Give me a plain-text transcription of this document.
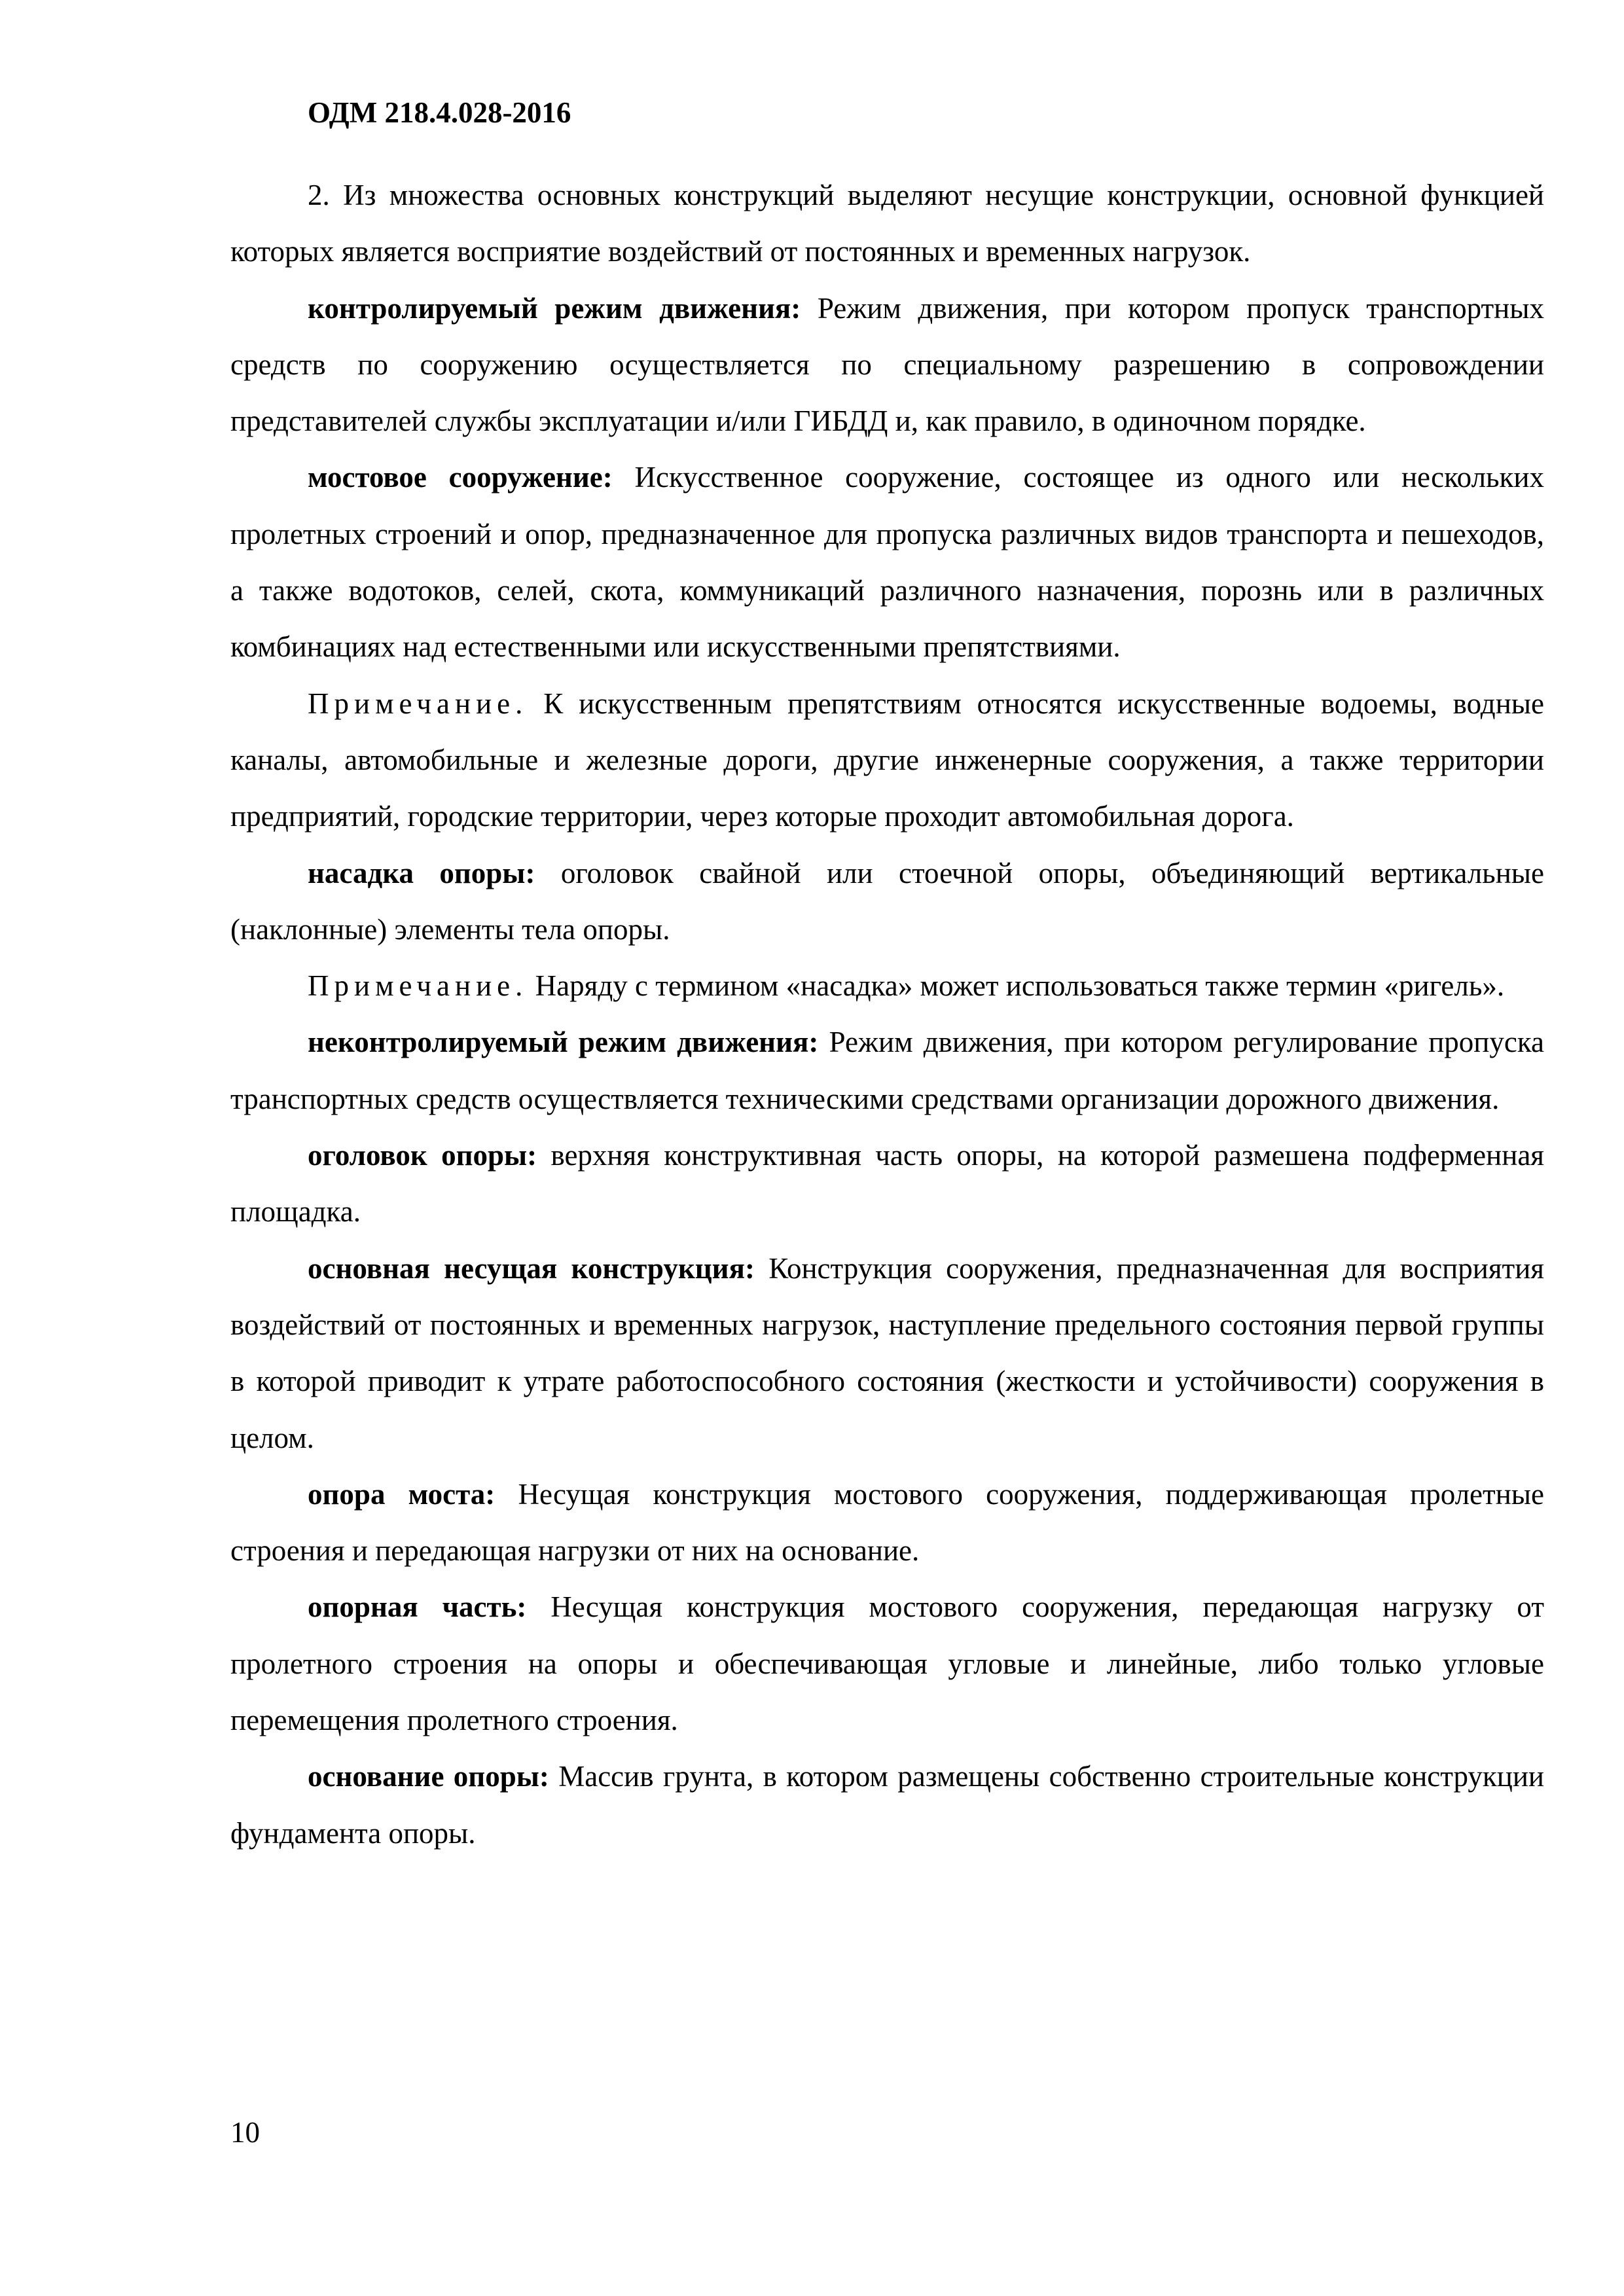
ОДМ 218.4.028-2016

2. Из множества основных конструкций выделяют несущие конструкции, основной функцией которых является восприятие воздействий от постоянных и временных нагрузок.

контролируемый режим движения: Режим движения, при котором пропуск транспортных средств по сооружению осуществляется по специальному разрешению в сопровождении представителей службы эксплуатации и/или ГИБДД и, как правило, в одиночном порядке.

мостовое сооружение: Искусственное сооружение, состоящее из одного или нескольких пролетных строений и опор, предназначенное для пропуска различных видов транспорта и пешеходов, а также водотоков, селей, скота, коммуникаций различного назначения, порознь или в различных комбинациях над естественными или искусственными препятствиями.

Примечание. К искусственным препятствиям относятся искусственные водоемы, водные каналы, автомобильные и железные дороги, другие инженерные сооружения, а также территории предприятий, городские территории, через которые проходит автомобильная дорога.

насадка опоры: оголовок свайной или стоечной опоры, объединяющий вертикальные (наклонные) элементы тела опоры.

Примечание. Наряду с термином «насадка» может использоваться также термин «ригель».

неконтролируемый режим движения: Режим движения, при котором регулирование пропуска транспортных средств осуществляется техническими средствами организации дорожного движения.

оголовок опоры: верхняя конструктивная часть опоры, на которой размешена подферменная площадка.

основная несущая конструкция: Конструкция сооружения, предназначенная для восприятия воздействий от постоянных и временных нагрузок, наступление предельного состояния первой группы в которой приводит к утрате работоспособного состояния (жесткости и устойчивости) сооружения в целом.

опора моста: Несущая конструкция мостового сооружения, поддерживающая пролетные строения и передающая нагрузки от них на основание.

опорная часть: Несущая конструкция мостового сооружения, передающая нагрузку от пролетного строения на опоры и обеспечивающая угловые и линейные, либо только угловые перемещения пролетного строения.

основание опоры: Массив грунта, в котором размещены собственно строительные конструкции фундамента опоры.

10
